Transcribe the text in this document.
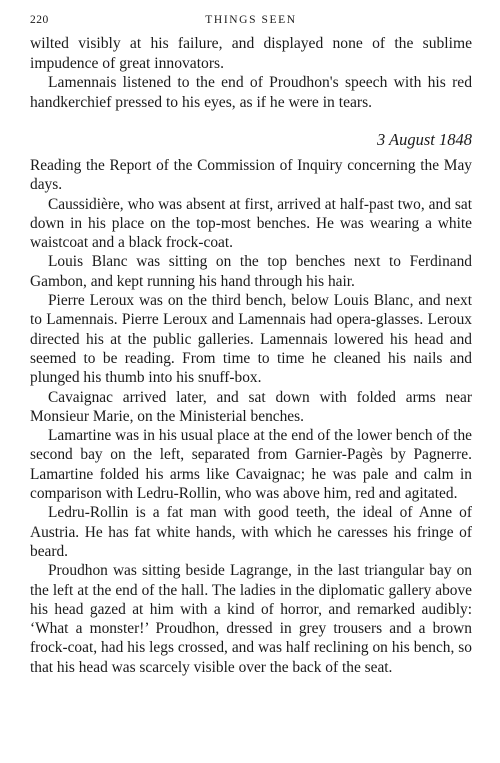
220	THINGS SEEN

wilted visibly at his failure, and displayed none of the sublime impudence of great innovators.

Lamennais listened to the end of Proudhon's speech with his red handkerchief pressed to his eyes, as if he were in tears.

3 August 1848

Reading the Report of the Commission of Inquiry concerning the May days.

Caussidière, who was absent at first, arrived at half-past two, and sat down in his place on the top-most benches. He was wearing a white waistcoat and a black frock-coat.

Louis Blanc was sitting on the top benches next to Ferdinand Gambon, and kept running his hand through his hair.

Pierre Leroux was on the third bench, below Louis Blanc, and next to Lamennais. Pierre Leroux and Lamennais had opera-glasses. Leroux directed his at the public galleries. Lamennais lowered his head and seemed to be reading. From time to time he cleaned his nails and plunged his thumb into his snuff-box.

Cavaignac arrived later, and sat down with folded arms near Monsieur Marie, on the Ministerial benches.

Lamartine was in his usual place at the end of the lower bench of the second bay on the left, separated from Garnier-Pagès by Pagnerre. Lamartine folded his arms like Cavaignac; he was pale and calm in comparison with Ledru-Rollin, who was above him, red and agitated.

Ledru-Rollin is a fat man with good teeth, the ideal of Anne of Austria. He has fat white hands, with which he caresses his fringe of beard.

Proudhon was sitting beside Lagrange, in the last triangular bay on the left at the end of the hall. The ladies in the diplomatic gallery above his head gazed at him with a kind of horror, and remarked audibly: ‘What a monster!’ Proudhon, dressed in grey trousers and a brown frock-coat, had his legs crossed, and was half reclining on his bench, so that his head was scarcely visible over the back of the seat.
